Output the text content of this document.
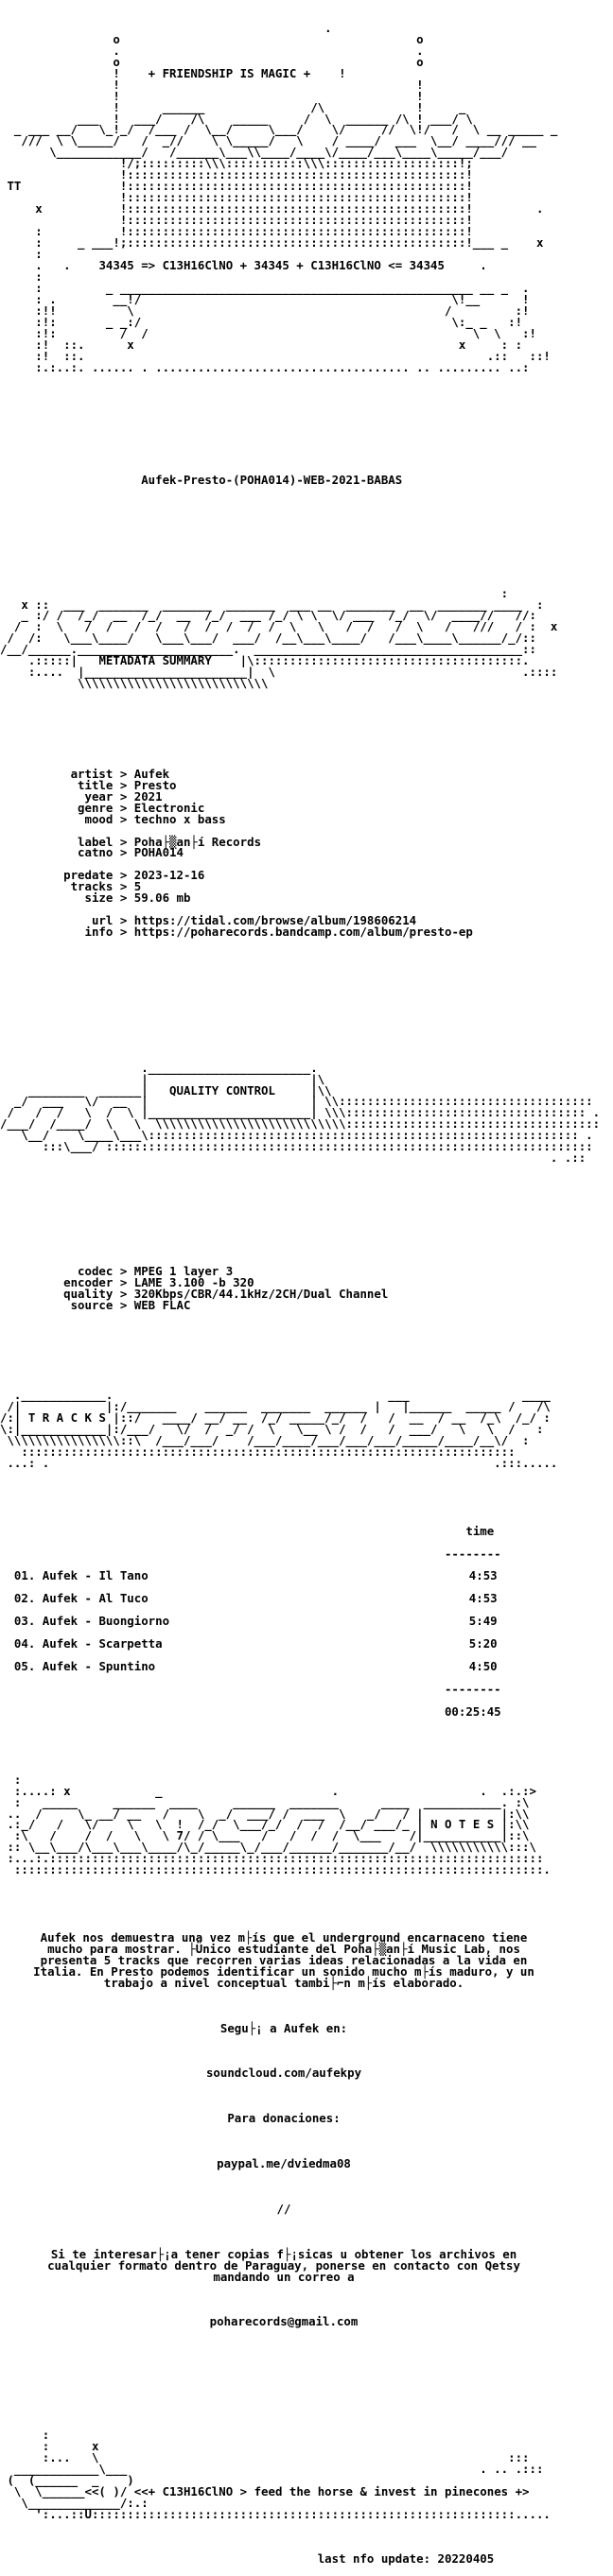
.
o                                          o
.                                          .
o                                          o
!    + FRIENDSHIP IS MAGIC +    !
!                                          !
!                                          !
!      ______               /\             !     _
___  !  ___/    /\    _____     /  \  ______ /\ ! ___/ \
_ ___ __/   \_!_/  /___ /  \__/     \___/    \/     //  \!/   /  \ __ _____ _
///  \ \_____/   /  _//    \ \_____/   \    / ____/  ___  \__/ ____/// __
\____________/   /______\___\\____/____\/____/___\____\_____/___/
!/;:::::::::\\\:::::::::::\\\:::::::::::::::::::!;
!::::::::::::::::::::::::::::::::::::::::::::::::!
TT              !::::::::::::::::::::::::::::::::::::::::::::::::!
!::::::::::::::::::::::::::::::::::::::::::::::::!
x           !::::::::::::::::::::::::::::::::::::::::::::::::!         .
!::::::::::::::::::::::::::::::::::::::::::::::::!
:           !::::::::::::::::::::::::::::::::::::::::::::::::!
:     _ ___!;::::::::::::::::::::::::::::::::::::::::::::::::!___ _    x
:
.   .    34345 => C13H16ClNO + 34345 + C13H16ClNO <= 34345	.
:
:         _ __________________________________________________ __ _  .
: .        __!/                                            \!__      !
:!!          \                                            /         :!
:!:       _ _:/                                            \:_ _   :!
:!:         /  /                                              \  \   :!
:!  ::.      x                                              x     : :
:!  ::.                                                         .::   ::!
:.:..:. ...... . .................................... .. ......... ..:

Aufek-Presto-(POHA014)-WEB-2021-BABAS

:
x ::  ___  _______  _______  _______  ___ __  _______  __  _______ ____  :
_ :/ /  /_/  __  /_/  __  /_/  ___ /_/ \ \  \/ ___  /_/  \/  ____//   //:
/  :  \   /  /   /  /   /  /  /  /  /  \   \   /  /   /  \   /   ///   / :  x
/  /:   \___\____/   \___\___/  ___/  /__\___\____/   /___\____\______/_/::
/__/______.______________________.  ______________________________________::
.:::::|   METADATA SUMMARY    |\::::::::::::::::::::::::::::::::::::::.
:....  |_______________________|  \                                   .::::
\\\\\\\\\\\\\\\\\\\\\\\\\\\

artist > Aufek
title > Presto
year > 2021
genre > Electronic
mood > techno x bass

label > Poha├▒an├í Records
catno > POHA014

predate > 2023-12-16
tracks > 5
size > 59.06 mb

url > https://tidal.com/browse/album/198606214
info > https://poharecords.bandcamp.com/album/presto-ep

._______________________.
|                       |\
________  ______|   QUALITY CONTROL	|\\
_/  ___   \/  __  |                       | \\::::::::::::::::::::::::::::::::::::
/   /  /   \  /  \ |_______________________| \\\:::::::::::::::::::::::::::::::::: .
/___/  /____/  \   \  \\\\\\\\\\\\\\\\\\\\\\\\\\\::::::::::::::::::::::::::::::::::::
\__/    \____\___\::::::::::::::::::::::::::::::::::::::::::::::::::::::::::::: .
:::\___/ :::::::::::::::::::::::::::::::::::::::::::::::::::::::::::::::::::::
. .::

codec > MPEG 1 layer 3
encoder > LAME 3.100 -b 320
quality > 320Kbps/CBR/44.1kHz/2CH/Dual Channel
source > WEB FLAC

.____________.                                       ___                ____
/|            |:/_______    ______  _______  ______ |   |______  _____ /   /\
/:| T R A C K S |::/   ____/ __/ __  /_/ _____/_/  /   /  __  / __  /_\  /_/ :
\:|____________|:/___/   \/  /  _/ /  \   \__ \ /  /   /  ___/   \   \  /   :
\\\\\\\\\\\\\\\\::\  /___/___/    /___/____/___/___/___/_____/____/__\/  :
::::::::::::::::::::::::::::::::::::::::::::::::::::::::::::::::::::::
...: .                                                               .:::.....

time

--------

01. Aufek - Il Tano	4:53

02. Aufek - Al Tuco	4:53

03. Aufek - Buongiorno	5:49

04. Aufek - Scarpetta	5:20

05. Aufek - Spuntino	4:50

--------

00:25:45

:
:....: x            _                        .                    .  .:.:>
:   _____     ______  ____     ______  _______      ____  ___________. :\
..  /     \_ __/ __   /    \  _/  ___/ /  ___  \   _/   / |           |:\\
.:_/   /   \/    \   \  !  /_/  \___/_/  /  /  /__/ ___/_ | N O T E S |:\\
:\   /    /  /   \   \ 7/ / \___   /   /  /  /  \___    /|___________|::\
:: \__\___/\___\___\____/\_/_____\_/___/______/_______/__/  \\\\\\\\\\\:::\
:...:.::::::::::::::::::::::::::::::::::::::::::::::::::::::::::::::::::::::
:::::::::::::::::::::::::::::::::::::::::::::::::::::::::::::::::::::::::::.

Aufek nos demuestra una vez m├ís que el underground encarnaceno tiene
mucho para mostrar. ├Ünico estudiante del Poha├▒an├í Music Lab, nos
presenta 5 tracks que recorren varias ideas relacionadas a la vida en
Italia. En Presto podemos identificar un sonido mucho m├ís maduro, y un
trabajo a nivel conceptual tambi├⌐n m├ís elaborado.

Segu├¡ a Aufek en:

soundcloud.com/aufekpy

Para donaciones:

paypal.me/dviedma08

//

Si te interesar├¡a tener copias f├¡sicas u obtener los archivos en
cualquier formato dentro de Paraguay, ponerse en contacto con Qetsy
mandando un correo a

poharecords@gmail.com

:
:      x
:...   \                                                          :::
____________\___                                                  . .. .:::
(  (______  _    )
\  \______<<( )/ <<+ C13H16ClNO > feed the horse & invest in pinecones +>
\_____________/:.:
':...::U::::::::::::::::::::::::::::::::::::::::::::::::::::::::::::.....

last nfo update: 20220405
